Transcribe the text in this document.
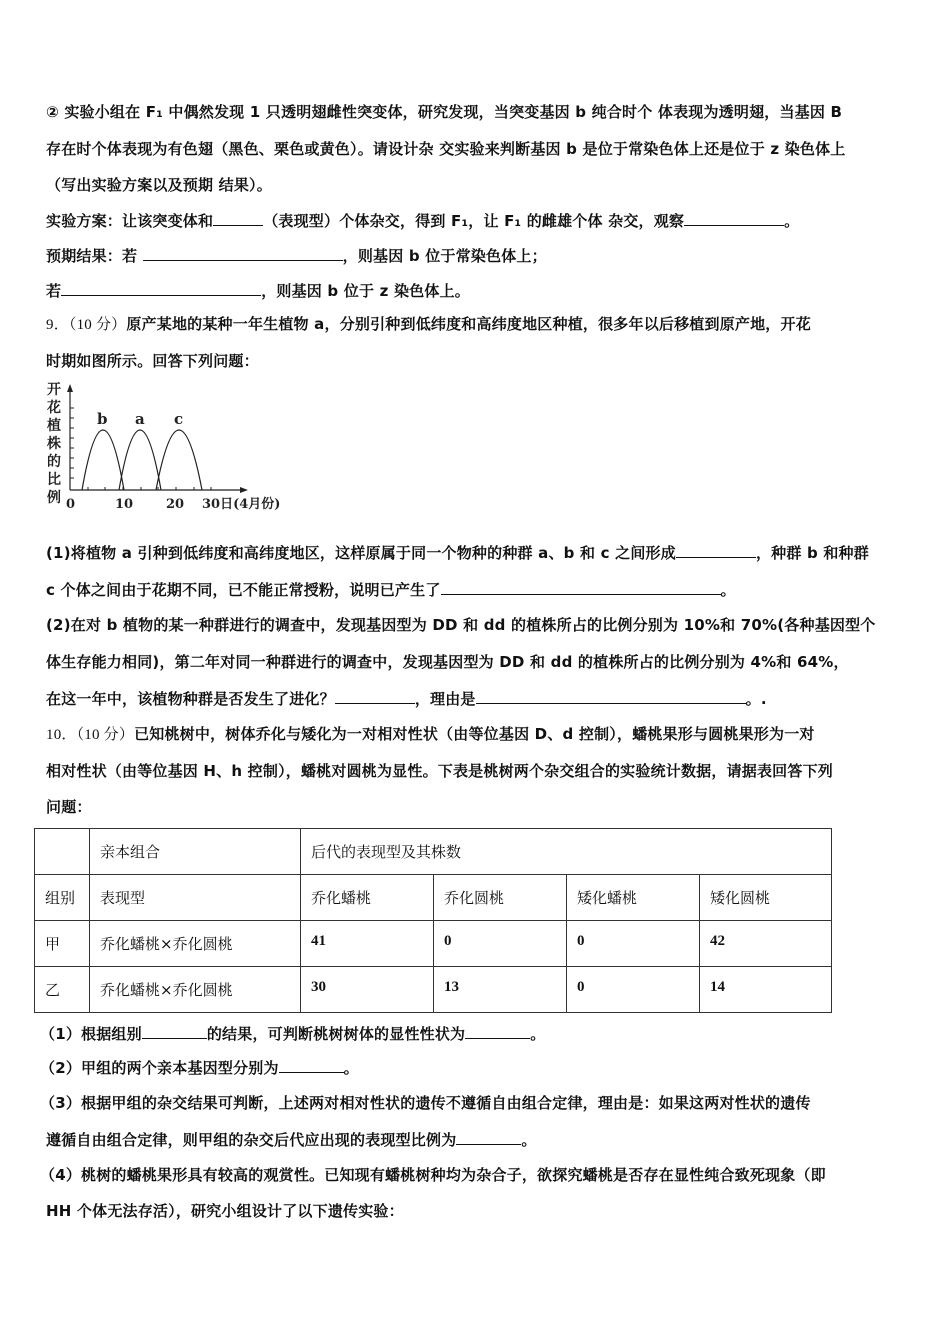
② 实验小组在 F₁ 中偶然发现 1 只透明翅雌性突变体，研究发现，当突变基因 b 纯合时个 体表现为透明翅，当基因 B
存在时个体表现为有色翅（黑色、栗色或黄色）。请设计杂 交实验来判断基因 b 是位于常染色体上还是位于 z 染色体上
（写出实验方案以及预期 结果）。
实验方案：让该突变体和	（表现型）个体杂交，得到 F₁，让 F₁ 的雌雄个体 杂交，观察	。
预期结果：若	，则基因 b 位于常染色体上；
若	，则基因 b 位于 z 染色体上。
9．（10 分）原产某地的某种一年生植物 a，分别引种到低纬度和高纬度地区种植，很多年以后移植到原产地，开花
时期如图所示。回答下列问题：
开
花
植
株
的
比
例
b a c
0	10	20 30日(4月份)
(1)将植物 a 引种到低纬度和高纬度地区，这样原属于同一个物种的种群 a、b 和 c 之间形成	，种群 b 和种群
c 个体之间由于花期不同，已不能正常授粉，说明已产生了	。
(2)在对 b 植物的某一种群进行的调查中，发现基因型为 DD 和 dd 的植株所占的比例分别为 10%和 70%(各种基因型个
体生存能力相同)，第二年对同一种群进行的调查中，发现基因型为 DD 和 dd 的植株所占的比例分别为 4%和 64%，
在这一年中，该植物种群是否发生了进化？	，理由是	。.
10．（10 分）已知桃树中，树体乔化与矮化为一对相对性状（由等位基因 D、d 控制），蟠桃果形与圆桃果形为一对
相对性状（由等位基因 H、h 控制），蟠桃对圆桃为显性。下表是桃树两个杂交组合的实验统计数据，请据表回答下列
问题：
	亲本组合	后代的表现型及其株数			
组别	表现型	乔化蟠桃	乔化圆桃	矮化蟠桃	矮化圆桃
甲	乔化蟠桃×乔化圆桃	41	0	0	42
乙	乔化蟠桃×乔化圆桃	30	13	0	14
（1）根据组别	的结果，可判断桃树树体的显性性状为	。
（2）甲组的两个亲本基因型分别为	。
（3）根据甲组的杂交结果可判断，上述两对相对性状的遗传不遵循自由组合定律，理由是：如果这两对性状的遗传
遵循自由组合定律，则甲组的杂交后代应出现的表现型比例为	。
（4）桃树的蟠桃果形具有较高的观赏性。已知现有蟠桃树种均为杂合子，欲探究蟠桃是否存在显性纯合致死现象（即
HH 个体无法存活），研究小组设计了以下遗传实验：
